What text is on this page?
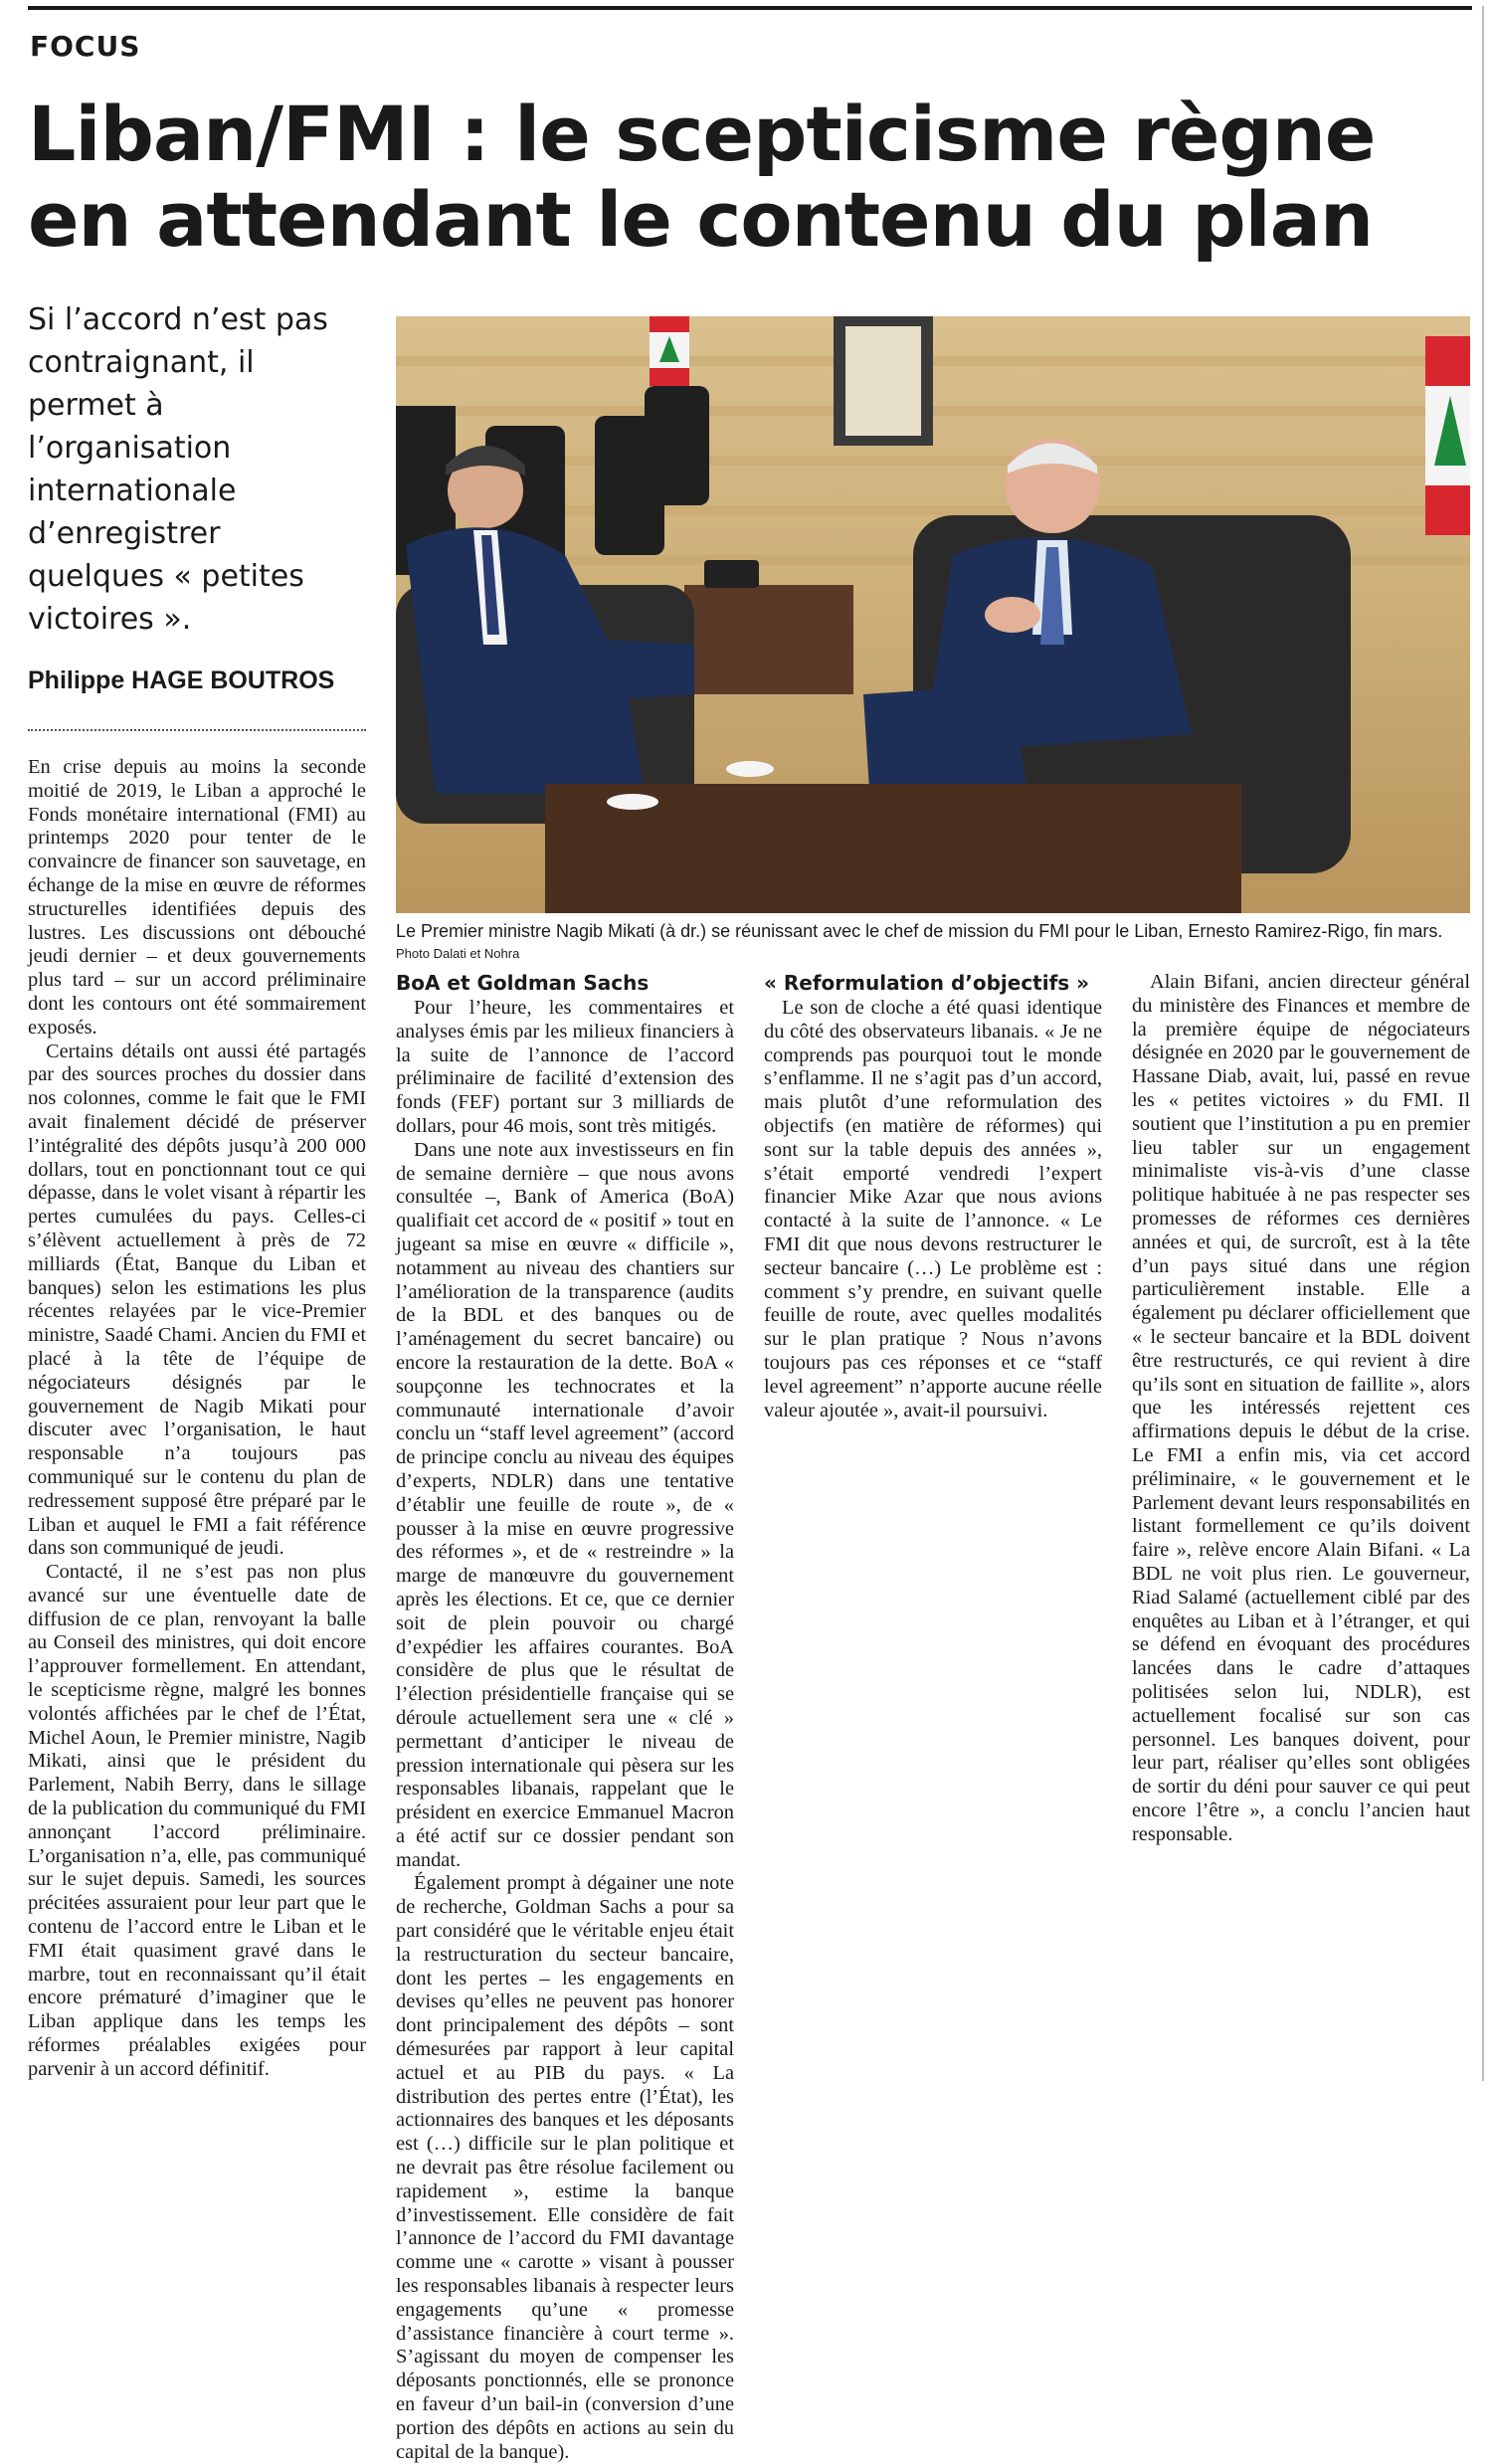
FOCUS
Liban/FMI : le scepticisme règne en attendant le contenu du plan
Si l’accord n’est pas contraignant, il permet à l’organisation internationale d’enregistrer quelques « petites victoires ».
Philippe HAGE BOUTROS
Le Premier ministre Nagib Mikati (à dr.) se réunissant avec le chef de mission du FMI pour le Liban, Ernesto Ramirez-Rigo, fin mars. Photo Dalati et Nohra

En crise depuis au moins la seconde moitié de 2019, le Liban a approché le Fonds monétaire international (FMI) au printemps 2020 pour tenter de le convaincre de financer son sauvetage, en échange de la mise en œuvre de réformes structurelles identifiées depuis des lustres. Les discussions ont débouché jeudi dernier – et deux gouvernements plus tard – sur un accord préliminaire dont les contours ont été sommairement exposés.

Certains détails ont aussi été partagés par des sources proches du dossier dans nos colonnes, comme le fait que le FMI avait finalement décidé de préserver l’intégralité des dépôts jusqu’à 200 000 dollars, tout en ponctionnant tout ce qui dépasse, dans le volet visant à répartir les pertes cumulées du pays. Celles-ci s’élèvent actuellement à près de 72 milliards (État, Banque du Liban et banques) selon les estimations les plus récentes relayées par le vice-Premier ministre, Saadé Chami. Ancien du FMI et placé à la tête de l’équipe de négociateurs désignés par le gouvernement de Nagib Mikati pour discuter avec l’organisation, le haut responsable n’a toujours pas communiqué sur le contenu du plan de redressement supposé être préparé par le Liban et auquel le FMI a fait référence dans son communiqué de jeudi.

Contacté, il ne s’est pas non plus avancé sur une éventuelle date de diffusion de ce plan, renvoyant la balle au Conseil des ministres, qui doit encore l’approuver formellement. En attendant, le scepticisme règne, malgré les bonnes volontés affichées par le chef de l’État, Michel Aoun, le Premier ministre, Nagib Mikati, ainsi que le président du Parlement, Nabih Berry, dans le sillage de la publication du communiqué du FMI annonçant l’accord préliminaire. L’organisation n’a, elle, pas communiqué sur le sujet depuis. Samedi, les sources précitées assuraient pour leur part que le contenu de l’accord entre le Liban et le FMI était quasiment gravé dans le marbre, tout en reconnaissant qu’il était encore prématuré d’imaginer que le Liban applique dans les temps les réformes préalables exigées pour parvenir à un accord définitif.

BoA et Goldman Sachs

Pour l’heure, les commentaires et analyses émis par les milieux financiers à la suite de l’annonce de l’accord préliminaire de facilité d’extension des fonds (FEF) portant sur 3 milliards de dollars, pour 46 mois, sont très mitigés.

Dans une note aux investisseurs en fin de semaine dernière – que nous avons consultée –, Bank of America (BoA) qualifiait cet accord de « positif » tout en jugeant sa mise en œuvre « difficile », notamment au niveau des chantiers sur l’amélioration de la transparence (audits de la BDL et des banques ou de l’aménagement du secret bancaire) ou encore la restauration de la dette. BoA « soupçonne les technocrates et la communauté internationale d’avoir conclu un “staff level agreement” (accord de principe conclu au niveau des équipes d’experts, NDLR) dans une tentative d’établir une feuille de route », de « pousser à la mise en œuvre progressive des réformes », et de « restreindre » la marge de manœuvre du gouvernement après les élections. Et ce, que ce dernier soit de plein pouvoir ou chargé d’expédier les affaires courantes. BoA considère de plus que le résultat de l’élection présidentielle française qui se déroule actuellement sera une « clé » permettant d’anticiper le niveau de pression internationale qui pèsera sur les responsables libanais, rappelant que le président en exercice Emmanuel Macron a été actif sur ce dossier pendant son mandat.

Également prompt à dégainer une note de recherche, Goldman Sachs a pour sa part considéré que le véritable enjeu était la restructuration du secteur bancaire, dont les pertes – les engagements en devises qu’elles ne peuvent pas honorer dont principalement des dépôts – sont démesurées par rapport à leur capital actuel et au PIB du pays. « La distribution des pertes entre (l’État), les actionnaires des banques et les déposants est (…) difficile sur le plan politique et ne devrait pas être résolue facilement ou rapidement », estime la banque d’investissement. Elle considère de fait l’annonce de l’accord du FMI davantage comme une « carotte » visant à pousser les responsables libanais à respecter leurs engagements qu’une « promesse d’assistance financière à court terme ». S’agissant du moyen de compenser les déposants ponctionnés, elle se prononce en faveur d’un bail-in (conversion d’une portion des dépôts en actions au sein du capital de la banque).

« Reformulation d’objectifs »

Le son de cloche a été quasi identique du côté des observateurs libanais. « Je ne comprends pas pourquoi tout le monde s’enflamme. Il ne s’agit pas d’un accord, mais plutôt d’une reformulation des objectifs (en matière de réformes) qui sont sur la table depuis des années », s’était emporté vendredi l’expert financier Mike Azar que nous avions contacté à la suite de l’annonce. « Le FMI dit que nous devons restructurer le secteur bancaire (…) Le problème est : comment s’y prendre, en suivant quelle feuille de route, avec quelles modalités sur le plan pratique ? Nous n’avons toujours pas ces réponses et ce “staff level agreement” n’apporte aucune réelle valeur ajoutée », avait-il poursuivi.

Alain Bifani, ancien directeur général du ministère des Finances et membre de la première équipe de négociateurs désignée en 2020 par le gouvernement de Hassane Diab, avait, lui, passé en revue les « petites victoires » du FMI. Il soutient que l’institution a pu en premier lieu tabler sur un engagement minimaliste vis-à-vis d’une classe politique habituée à ne pas respecter ses promesses de réformes ces dernières années et qui, de surcroît, est à la tête d’un pays situé dans une région particulièrement instable. Elle a également pu déclarer officiellement que « le secteur bancaire et la BDL doivent être restructurés, ce qui revient à dire qu’ils sont en situation de faillite », alors que les intéressés rejettent ces affirmations depuis le début de la crise. Le FMI a enfin mis, via cet accord préliminaire, « le gouvernement et le Parlement devant leurs responsabilités en listant formellement ce qu’ils doivent faire », relève encore Alain Bifani. « La BDL ne voit plus rien. Le gouverneur, Riad Salamé (actuellement ciblé par des enquêtes au Liban et à l’étranger, et qui se défend en évoquant des procédures lancées dans le cadre d’attaques politisées selon lui, NDLR), est actuellement focalisé sur son cas personnel. Les banques doivent, pour leur part, réaliser qu’elles sont obligées de sortir du déni pour sauver ce qui peut encore l’être », a conclu l’ancien haut responsable.
